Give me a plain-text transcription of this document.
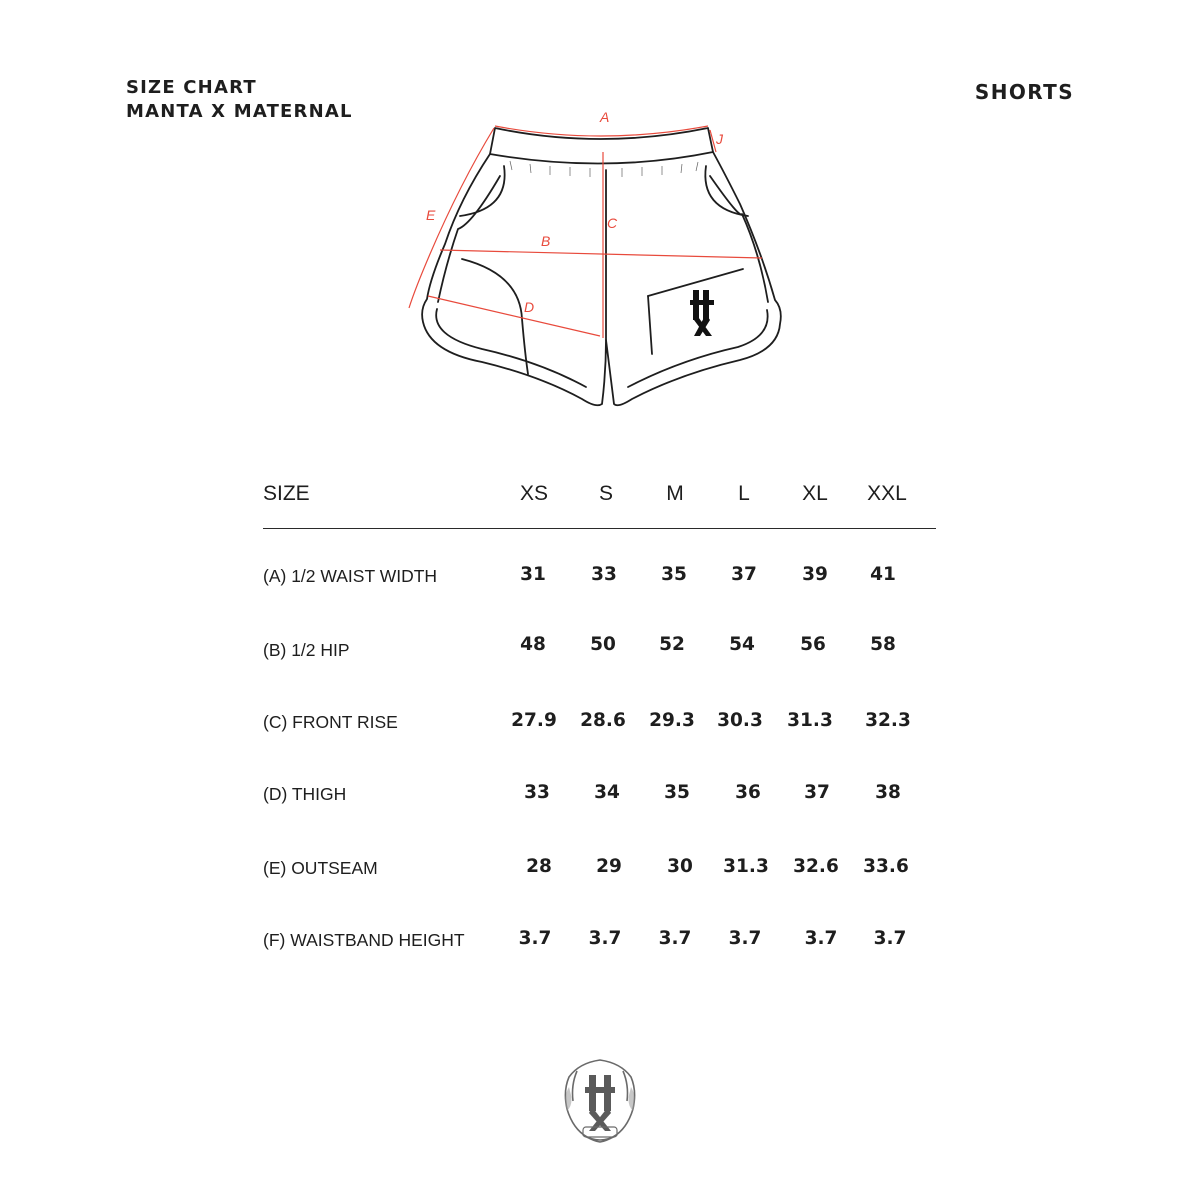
SIZE CHART
MANTA X MATERNAL
SHORTS
A
J
E	C
B
D
SIZE	XS	S	M	L	XL	XXL
(A) 1/2 WAIST WIDTH	31	33	35	37	39	41
(B) 1/2 HIP	48	50	52	54	56	58
(C) FRONT RISE	27.9	28.6	29.3	30.3	31.3	32.3
(D) THIGH	33	34	35	36	37	38
(E) OUTSEAM	28	29	30	31.3	32.6	33.6
(F) WAISTBAND HEIGHT	3.7	3.7	3.7	3.7	3.7	3.7
